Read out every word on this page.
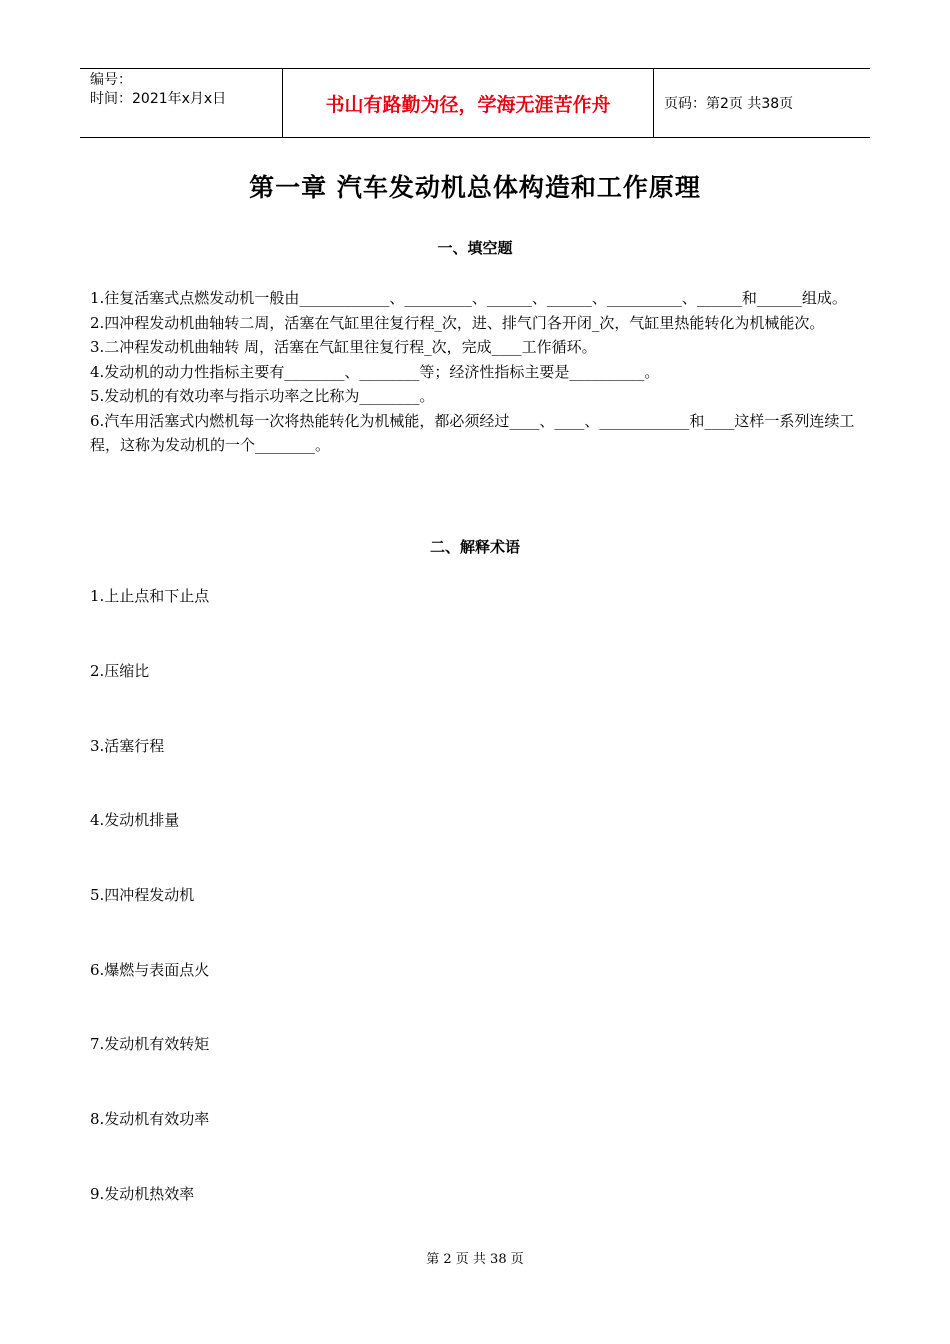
编号：
时间：2021年x月x日	书山有路勤为径，学海无涯苦作舟	页码：第2页 共38页
第一章 汽车发动机总体构造和工作原理
一、填空题

1.往复活塞式点燃发动机一般由____________、_________、______、______、__________、______和______组成。

2.四冲程发动机曲轴转二周，活塞在气缸里往复行程_次，进、排气门各开闭_次，气缸里热能转化为机械能次。

3.二冲程发动机曲轴转 周，活塞在气缸里往复行程_次，完成____工作循环。

4.发动机的动力性指标主要有________、________等；经济性指标主要是__________。

5.发动机的有效功率与指示功率之比称为________。

6.汽车用活塞式内燃机每一次将热能转化为机械能，都必须经过____、____、____________和____这样一系列连续工程，这称为发动机的一个________。

二、解释术语
1.上止点和下止点
2.压缩比
3.活塞行程
4.发动机排量
5.四冲程发动机
6.爆燃与表面点火
7.发动机有效转矩
8.发动机有效功率
9.发动机热效率
第 2 页 共 38 页
